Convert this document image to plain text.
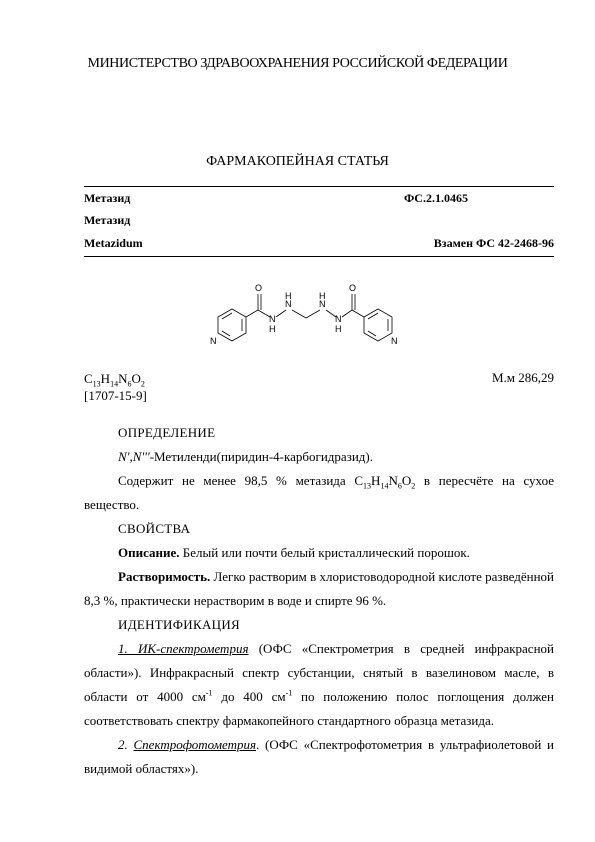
МИНИСТЕРСТВО ЗДРАВООХРАНЕНИЯ РОССИЙСКОЙ ФЕДЕРАЦИИ
ФАРМАКОПЕЙНАЯ СТАТЬЯ
Метазид	ФС.2.1.0465
Метазид
Metazidum	Взамен ФС 42-2468-96
N	N
O	O
N
H
N
H
N
H
N
H
$C_{13}H_{14}N_6O_2$
[1707-15-9]
М.м 286,29

ОПРЕДЕЛЕНИЕ

N',N'''-Метиленди(пиридин-4-карбогидразид).

Содержит не менее 98,5 % метазида $C_{13}H_{14}N_6O_2$ в пересчёте на сухое вещество.

СВОЙСТВА

Описание. Белый или почти белый кристаллический порошок.

Растворимость. Легко растворим в хлористоводородной кислоте разведённой 8,3 %, практически нерастворим в воде и спирте 96 %.

ИДЕНТИФИКАЦИЯ

1. ИК-спектрометрия (ОФС «Спектрометрия в средней инфракрасной области»). Инфракрасный спектр субстанции, снятый в вазелиновом масле, в области от 4000 $см^{-1}$ до 400 $см^{-1}$ по положению полос поглощения должен соответствовать спектру фармакопейного стандартного образца метазида.

2. Спектрофотометрия. (ОФС «Спектрофотометрия в ультрафиолетовой и видимой областях»).
